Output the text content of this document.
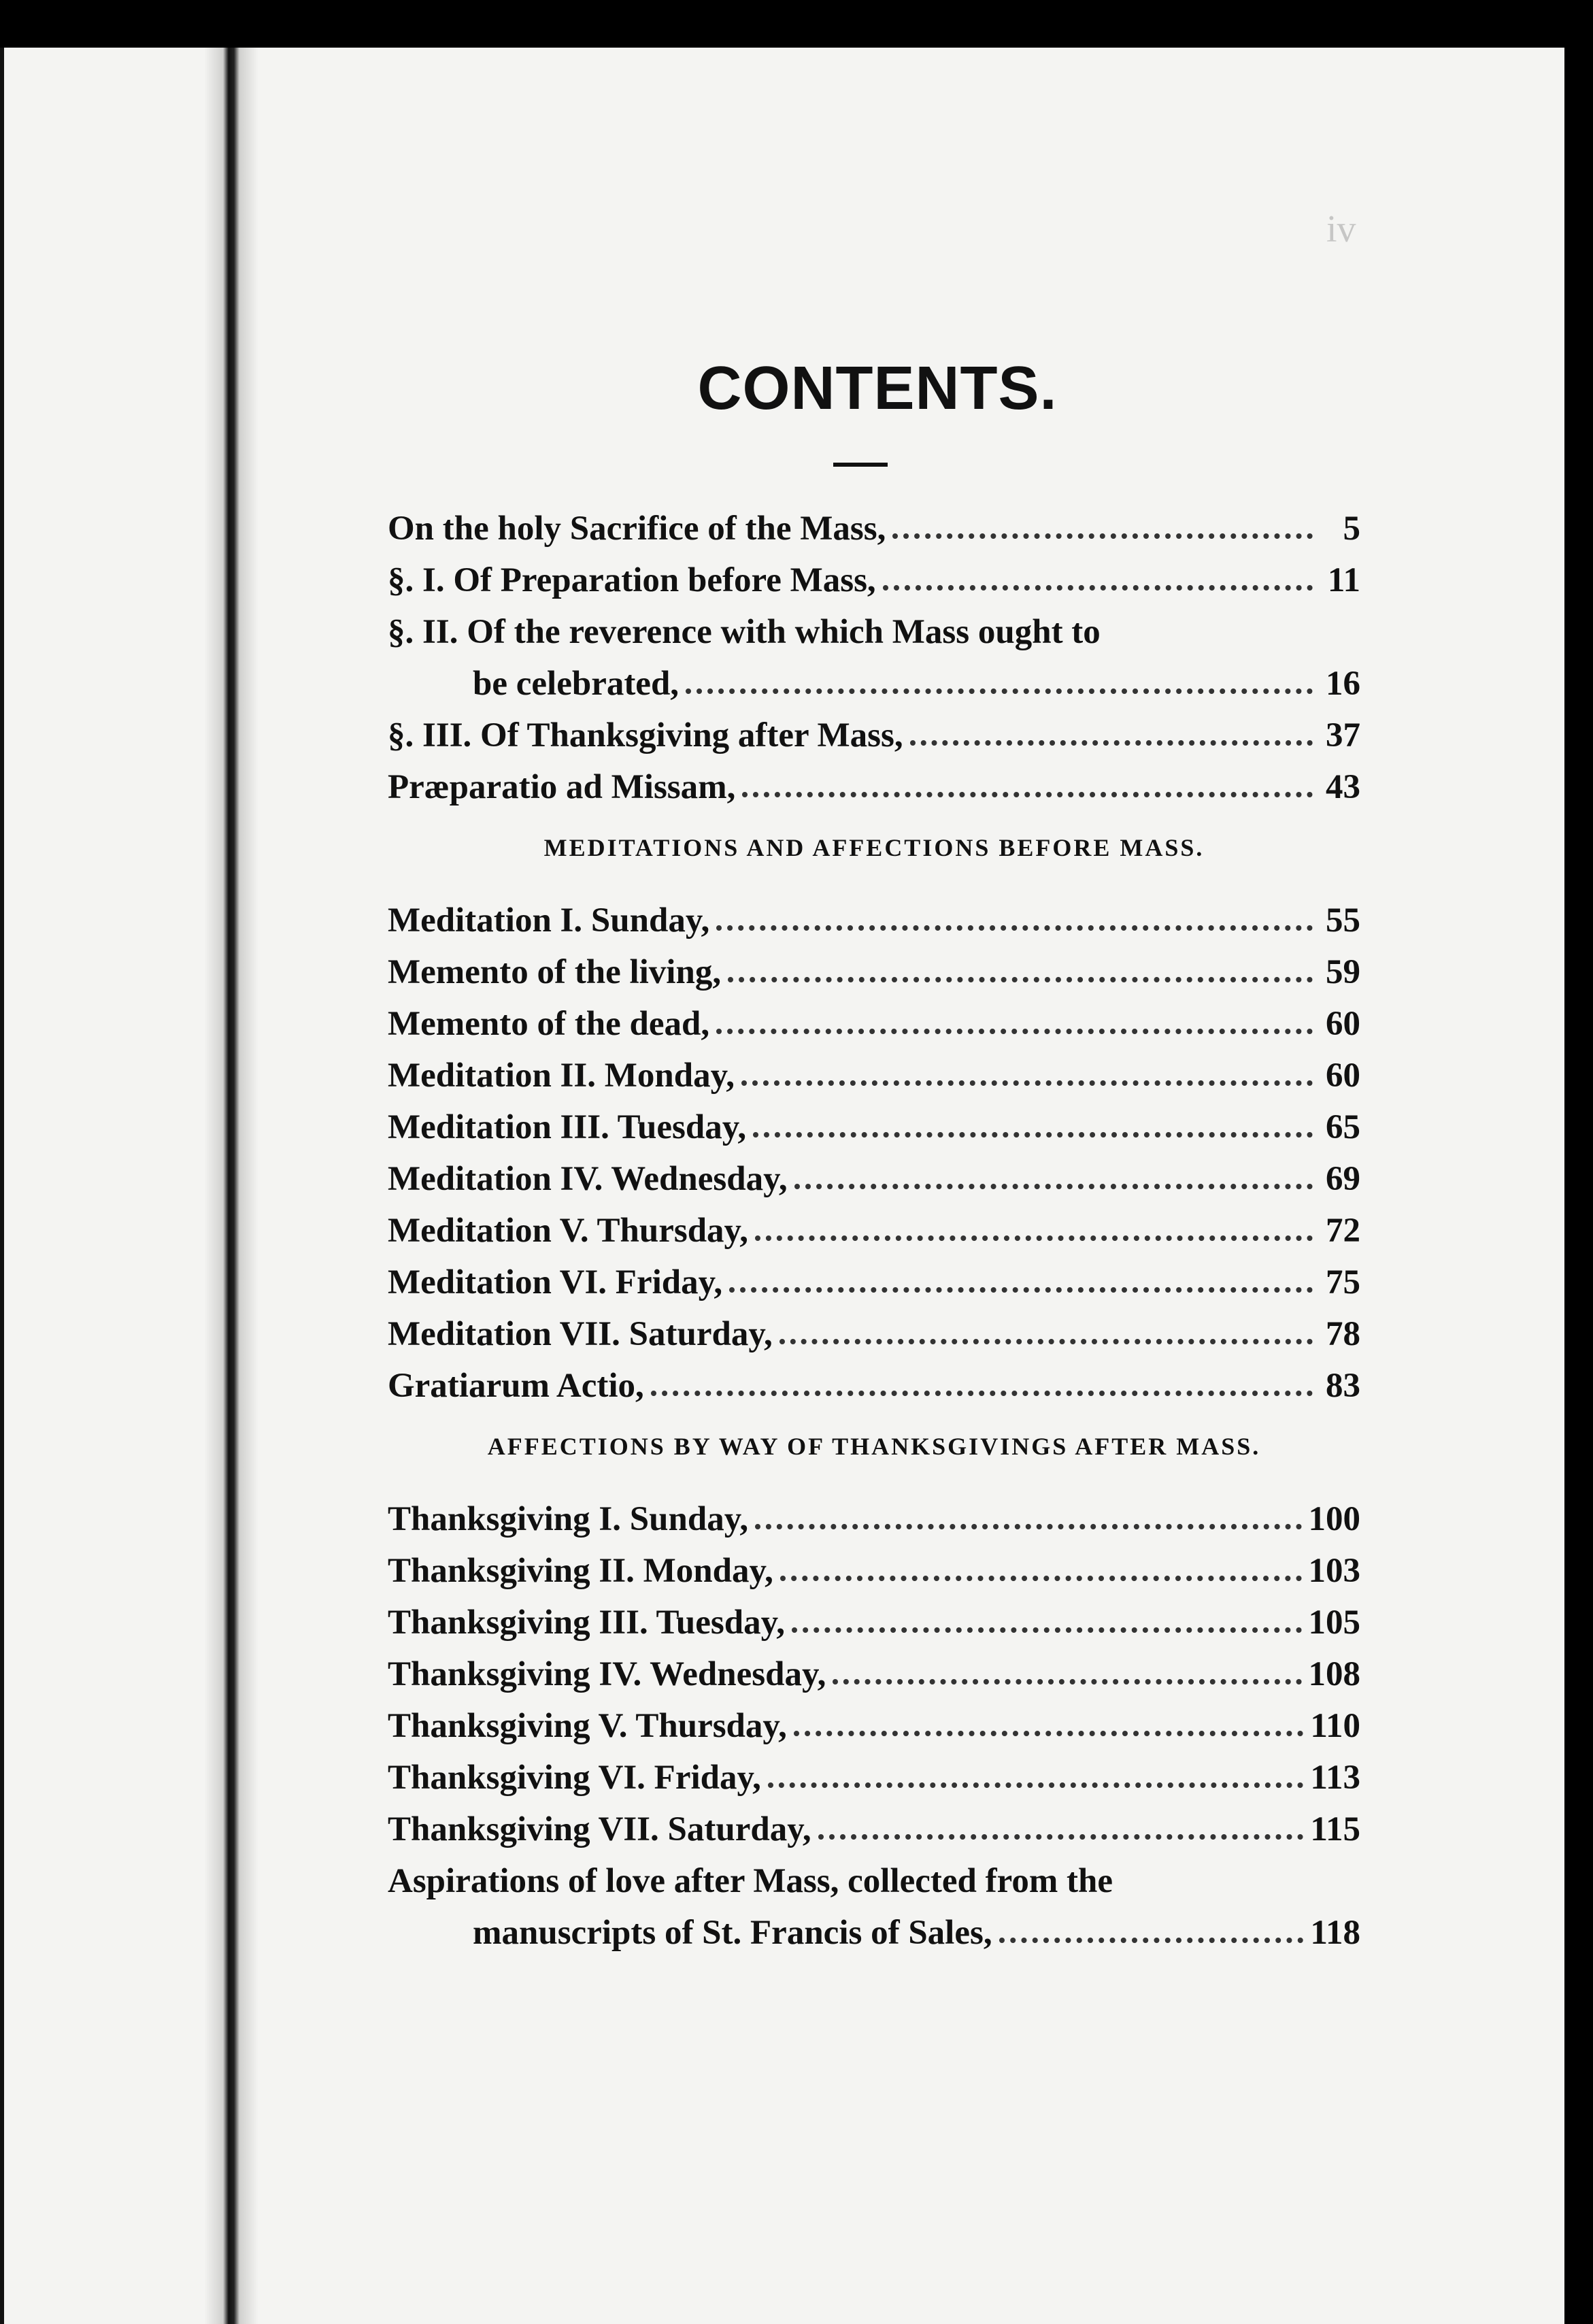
iv
CONTENTS.
On the holy Sacrifice of the Mass,	5
§. I. Of Preparation before Mass,	11
§. II. Of the reverence with which Mass ought to
be celebrated,	16
§. III. Of Thanksgiving after Mass,	37
Præparatio ad Missam,	43
MEDITATIONS AND AFFECTIONS BEFORE MASS.
Meditation I. Sunday,	55
Memento of the living,	59
Memento of the dead,	60
Meditation II. Monday,	60
Meditation III. Tuesday,	65
Meditation IV. Wednesday,	69
Meditation V. Thursday,	72
Meditation VI. Friday,	75
Meditation VII. Saturday,	78
Gratiarum Actio,	83
AFFECTIONS BY WAY OF THANKSGIVINGS AFTER MASS.
Thanksgiving I. Sunday,	100
Thanksgiving II. Monday,	103
Thanksgiving III. Tuesday,	105
Thanksgiving IV. Wednesday,	108
Thanksgiving V. Thursday,	110
Thanksgiving VI. Friday,	113
Thanksgiving VII. Saturday,	115
Aspirations of love after Mass, collected from the
manuscripts of St. Francis of Sales,	118
